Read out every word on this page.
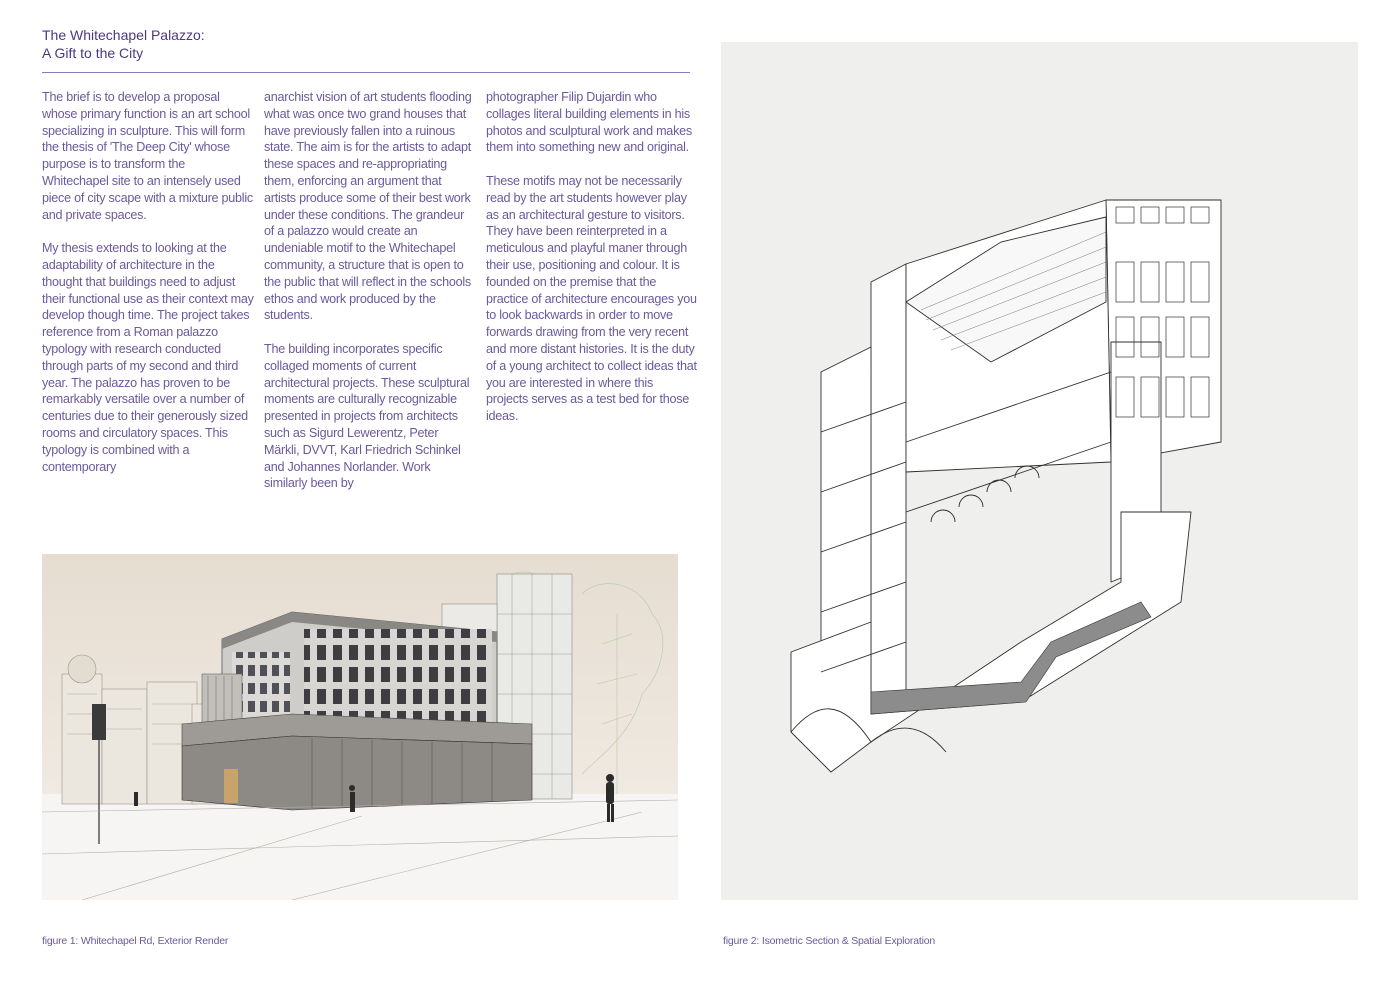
The Whitechapel Palazzo:
A Gift to the City

The brief is to develop a proposal whose primary function is an art school specializing in sculpture. This will form the thesis of 'The Deep City' whose purpose is to transform the Whitechapel site to an intensely used piece of city scape with a mixture public and private spaces.

My thesis extends to looking at the adaptability of architecture in the thought that buildings need to adjust their functional use as their context may develop though time. The project takes reference from a Roman palazzo typology with research conducted through parts of my second and third year. The palazzo has proven to be remarkably versatile over a number of centuries due to their generously sized rooms and circulatory spaces. This typology is combined with a contemporary

anarchist vision of art students flooding what was once two grand houses that have previously fallen into a ruinous state. The aim is for the artists to adapt these spaces and re-appropriating them, enforcing an argument that artists produce some of their best work under these conditions. The grandeur of a palazzo would create an undeniable motif to the Whitechapel community, a structure that is open to the public that will reflect in the schools ethos and work produced by the students.

The building incorporates specific collaged moments of current architectural projects. These sculptural moments are culturally recognizable presented in projects from architects such as Sigurd Lewerentz, Peter Märkli, DVVT, Karl Friedrich Schinkel and Johannes Norlander. Work similarly been by

photographer Filip Dujardin who collages literal building elements in his photos and sculptural work and makes them into something new and original.

These motifs may not be necessarily read by the art students however play as an architectural gesture to visitors. They have been reinterpreted in a meticulous and playful maner through their use, positioning and colour. It is founded on the premise that the practice of architecture encourages you to look backwards in order to move forwards drawing from the very recent and more distant histories. It is the duty of a young architect to collect ideas that you are interested in where this projects serves as a test bed for those ideas.

figure 1: Whitechapel Rd, Exterior Render	figure 2: Isometric Section & Spatial Exploration
